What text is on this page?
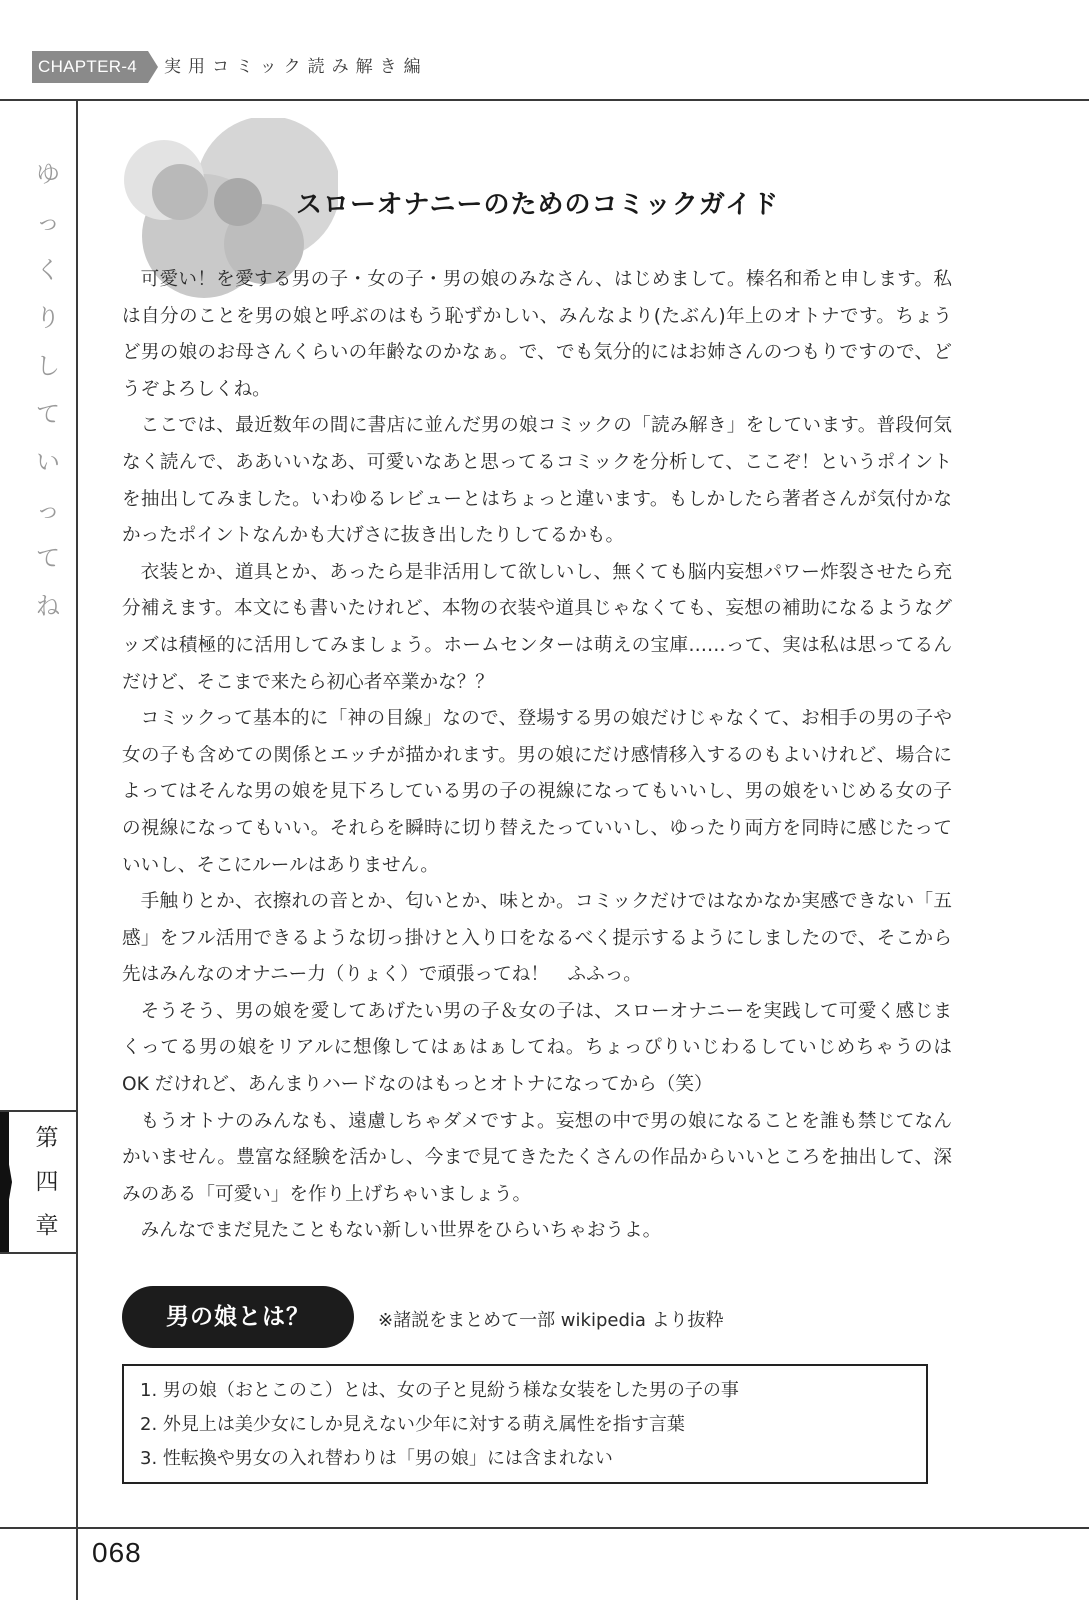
CHAPTER-4	実用コミック読み解き編
ゆ
っ
く
り
し
て
い
っ
て
ね
第
四
章
スローオナニーのためのコミックガイド

可愛い！を愛する男の子・女の子・男の娘のみなさん、はじめまして。榛名和希と申します。私は自分のことを男の娘と呼ぶのはもう恥ずかしい、みんなより(たぶん)年上のオトナです。ちょうど男の娘のお母さんくらいの年齢なのかなぁ。で、でも気分的にはお姉さんのつもりですので、どうぞよろしくね。

ここでは、最近数年の間に書店に並んだ男の娘コミックの「読み解き」をしています。普段何気なく読んで、ああいいなあ、可愛いなあと思ってるコミックを分析して、ここぞ！というポイントを抽出してみました。いわゆるレビューとはちょっと違います。もしかしたら著者さんが気付かなかったポイントなんかも大げさに抜き出したりしてるかも。

衣装とか、道具とか、あったら是非活用して欲しいし、無くても脳内妄想パワー炸裂させたら充分補えます。本文にも書いたけれど、本物の衣装や道具じゃなくても、妄想の補助になるようなグッズは積極的に活用してみましょう。ホームセンターは萌えの宝庫……って、実は私は思ってるんだけど、そこまで来たら初心者卒業かな？？

コミックって基本的に「神の目線」なので、登場する男の娘だけじゃなくて、お相手の男の子や女の子も含めての関係とエッチが描かれます。男の娘にだけ感情移入するのもよいけれど、場合によってはそんな男の娘を見下ろしている男の子の視線になってもいいし、男の娘をいじめる女の子の視線になってもいい。それらを瞬時に切り替えたっていいし、ゆったり両方を同時に感じたっていいし、そこにルールはありません。

手触りとか、衣擦れの音とか、匂いとか、味とか。コミックだけではなかなか実感できない「五感」をフル活用できるような切っ掛けと入り口をなるべく提示するようにしましたので、そこから先はみんなのオナニー力（りょく）で頑張ってね！　ふふっ。

そうそう、男の娘を愛してあげたい男の子＆女の子は、スローオナニーを実践して可愛く感じまくってる男の娘をリアルに想像してはぁはぁしてね。ちょっぴりいじわるしていじめちゃうのは OK だけれど、あんまりハードなのはもっとオトナになってから（笑）

もうオトナのみんなも、遠慮しちゃダメですよ。妄想の中で男の娘になることを誰も禁じてなんかいません。豊富な経験を活かし、今まで見てきたたくさんの作品からいいところを抽出して、深みのある「可愛い」を作り上げちゃいましょう。

みんなでまだ見たこともない新しい世界をひらいちゃおうよ。

男の娘とは？	※諸説をまとめて一部 wikipedia より抜粋
1. 男の娘（おとこのこ）とは、女の子と見紛う様な女装をした男の子の事
2. 外見上は美少女にしか見えない少年に対する萌え属性を指す言葉
3. 性転換や男女の入れ替わりは「男の娘」には含まれない
068
